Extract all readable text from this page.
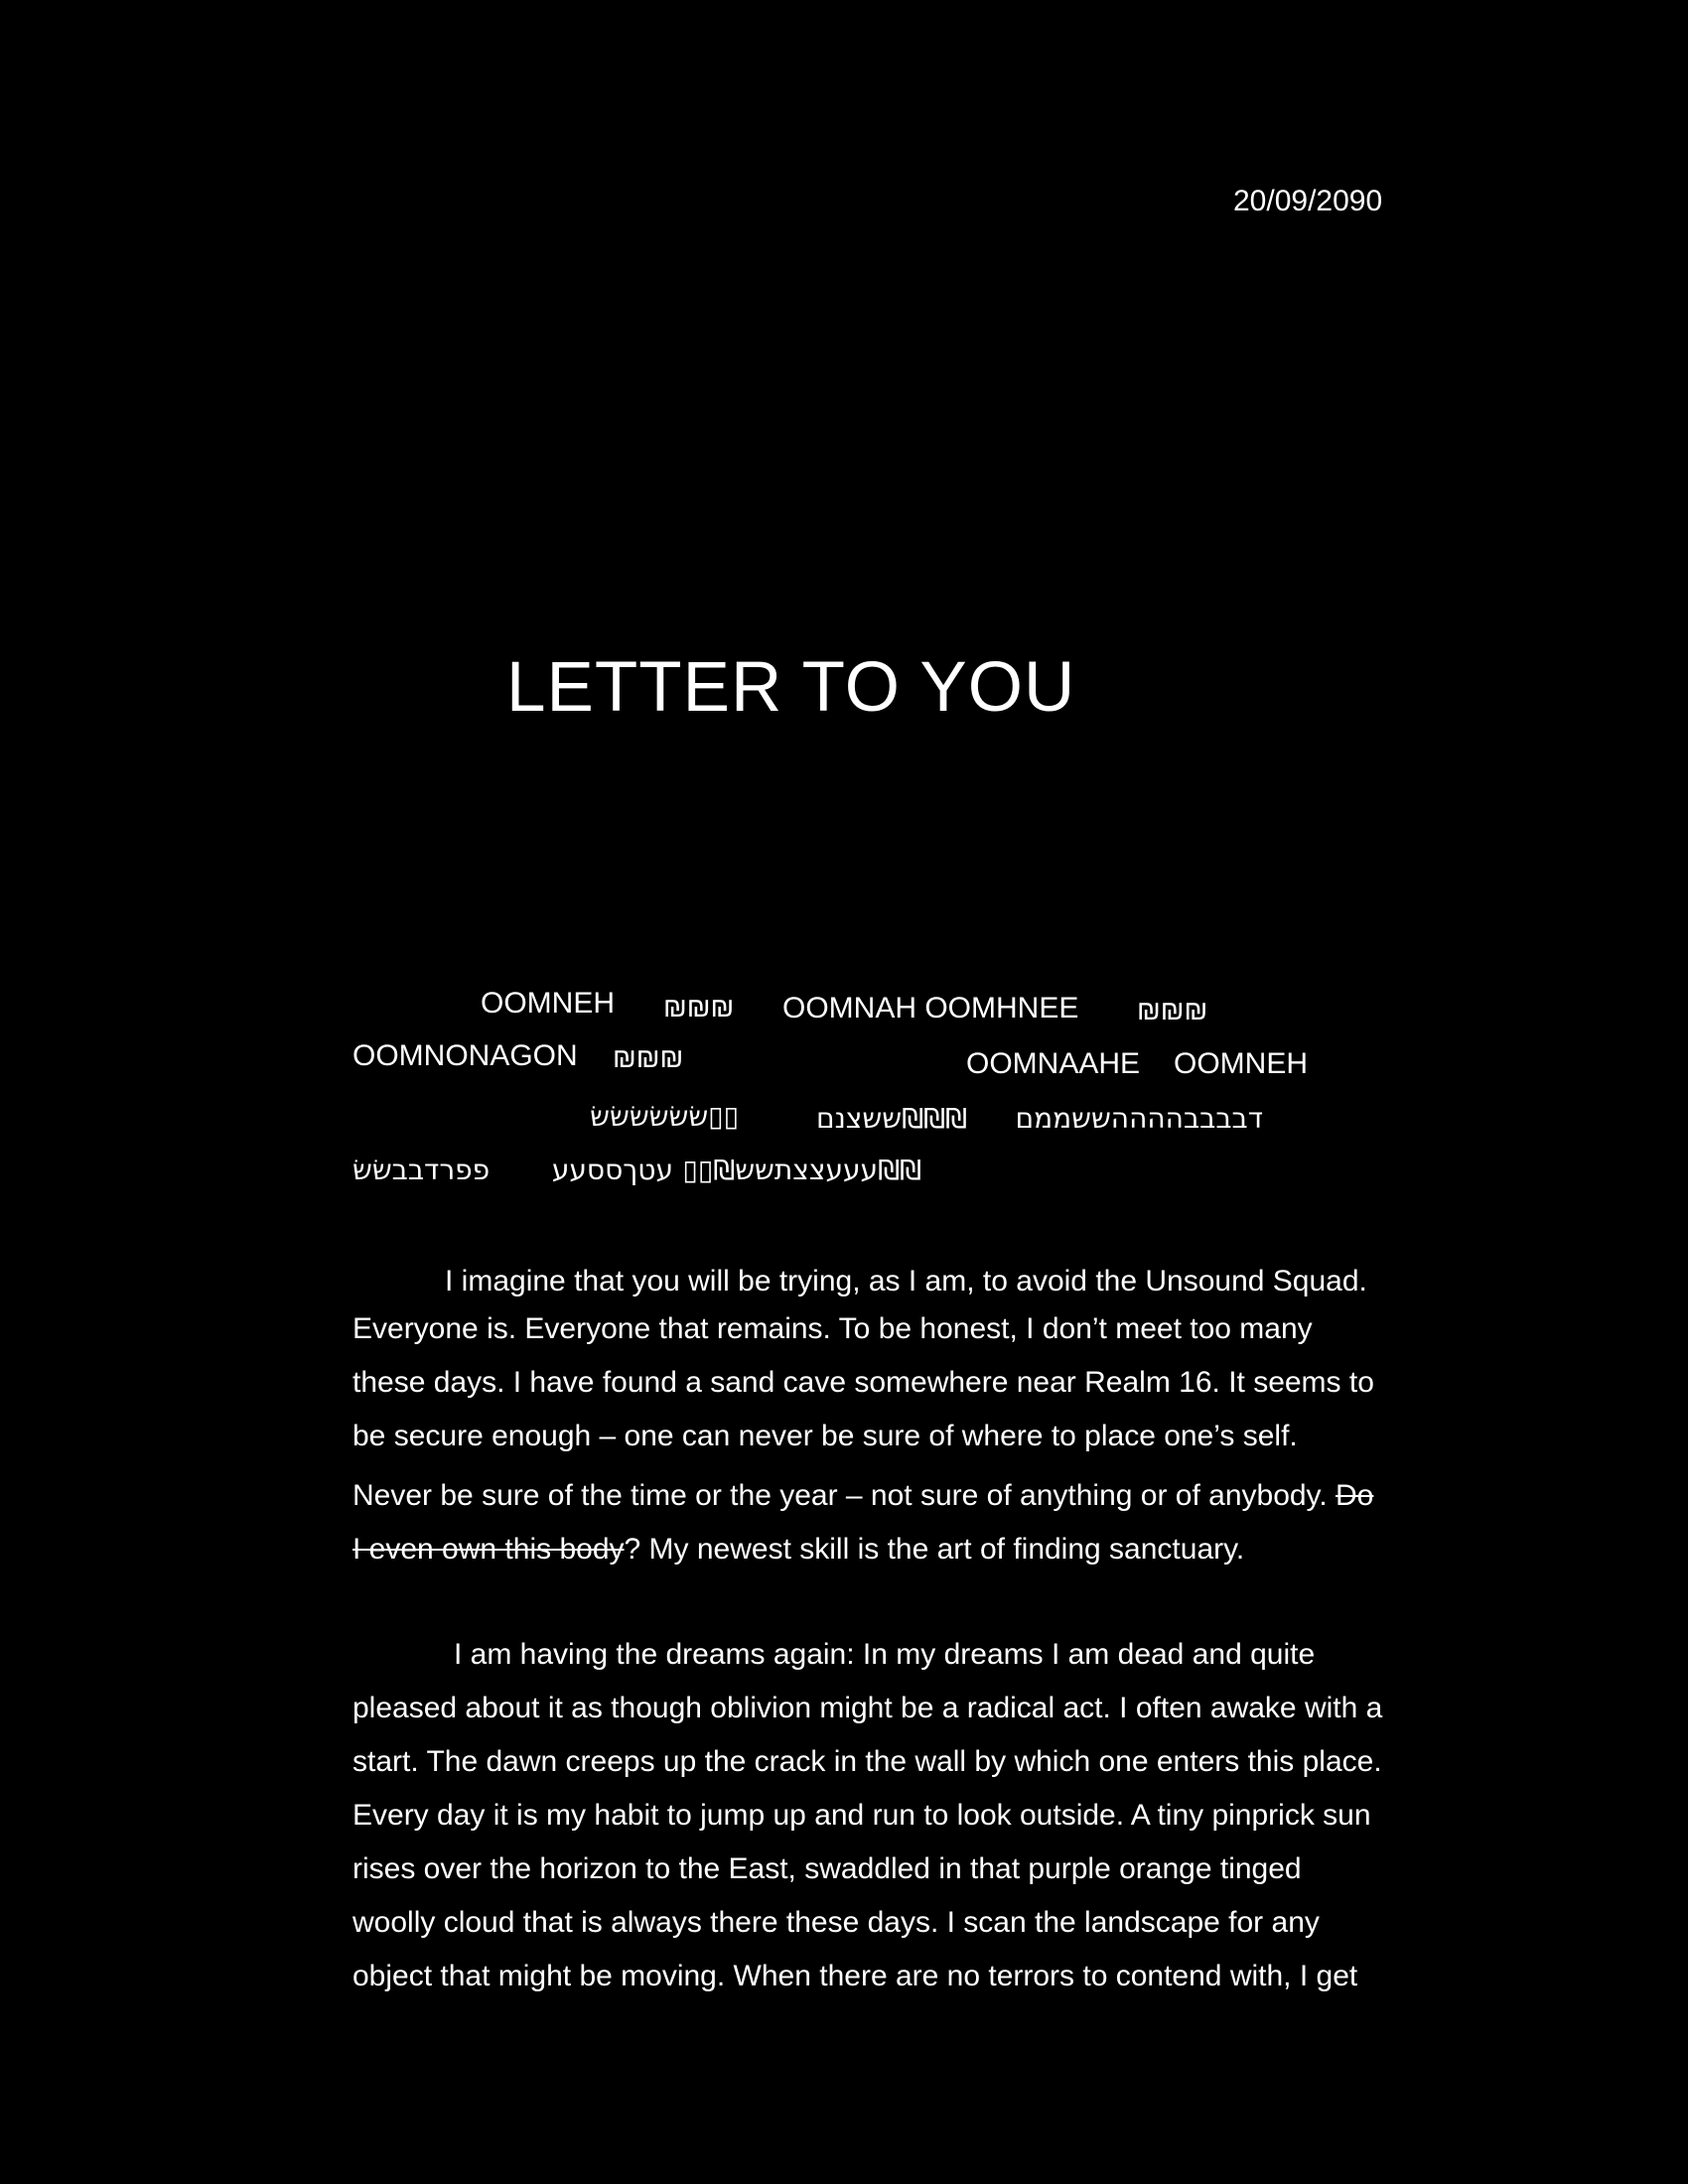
20/09/2090
LETTER TO YOU
OOMNEH ₪₪₪ OOMNAH OOMHNEE ₪₪₪
OOMNONAGON ₪₪₪	OOMNAAHE OOMNEH
▯▯שׂשׂשׂשׂשׂשׂ	₪₪₪ששצנם	דבבבבההההששממם
פפרדבבשׂשׂ עטךססעע ₪₪עעעצצתשש₪▯▯
I imagine that you will be trying, as I am, to avoid the Unsound Squad.
Everyone is. Everyone that remains. To be honest, I don’t meet too many
these days. I have found a sand cave somewhere near Realm 16. It seems to
be secure enough – one can never be sure of where to place one’s self.
Never be sure of the time or the year – not sure of anything or of anybody. Do
I even own this body? My newest skill is the art of finding sanctuary.
I am having the dreams again: In my dreams I am dead and quite
pleased about it as though oblivion might be a radical act. I often awake with a
start. The dawn creeps up the crack in the wall by which one enters this place.
Every day it is my habit to jump up and run to look outside. A tiny pinprick sun
rises over the horizon to the East, swaddled in that purple orange tinged
woolly cloud that is always there these days. I scan the landscape for any
object that might be moving. When there are no terrors to contend with, I get
